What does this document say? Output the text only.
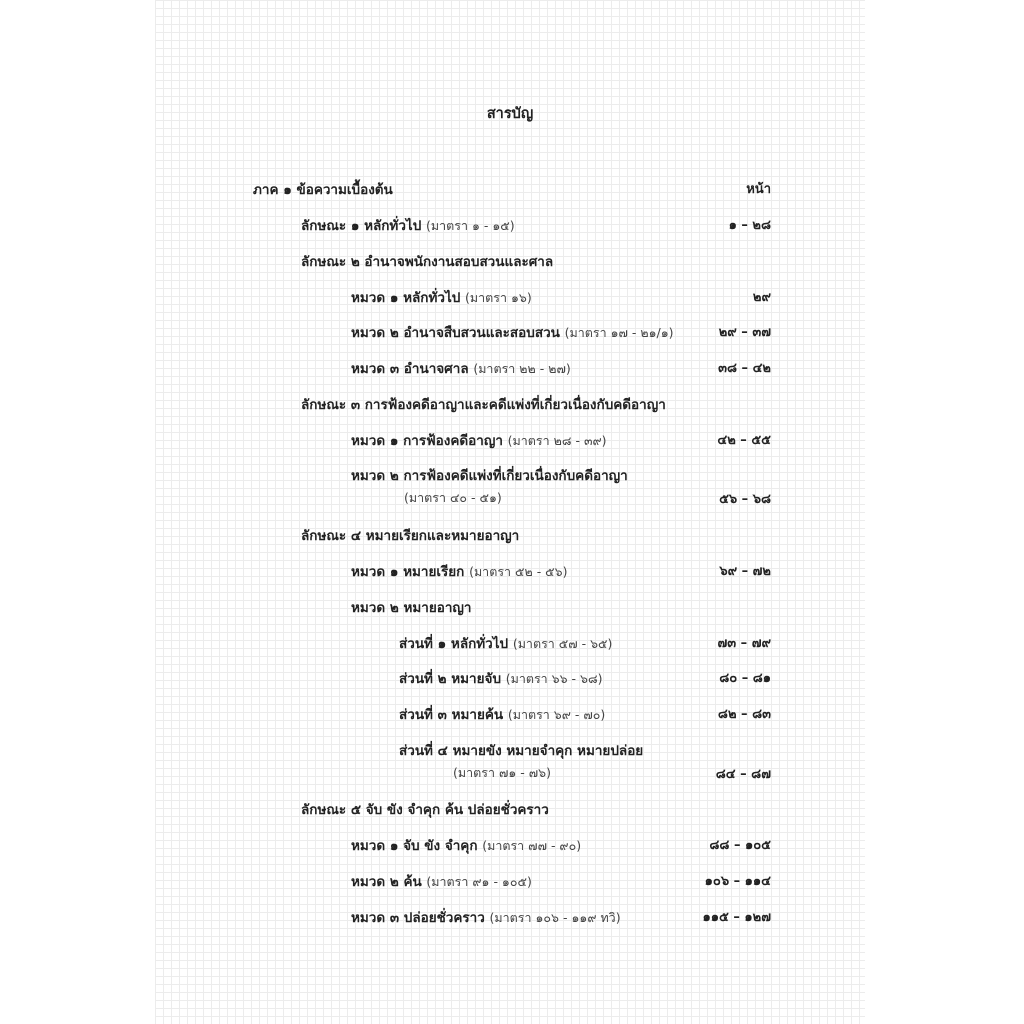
สารบัญ
ภาค ๑ ข้อความเบื้องต้น	หน้า
ลักษณะ ๑ หลักทั่วไป (มาตรา ๑ - ๑๕)	๑ – ๒๘
ลักษณะ ๒ อำนาจพนักงานสอบสวนและศาล
หมวด ๑ หลักทั่วไป (มาตรา ๑๖)	๒๙
หมวด ๒ อำนาจสืบสวนและสอบสวน (มาตรา ๑๗ - ๒๑/๑)	๒๙ – ๓๗
หมวด ๓ อำนาจศาล (มาตรา ๒๒ - ๒๗)	๓๘ – ๔๒
ลักษณะ ๓ การฟ้องคดีอาญาและคดีแพ่งที่เกี่ยวเนื่องกับคดีอาญา
หมวด ๑ การฟ้องคดีอาญา (มาตรา ๒๘ - ๓๙)	๔๒ – ๕๕
หมวด ๒ การฟ้องคดีแพ่งที่เกี่ยวเนื่องกับคดีอาญา
(มาตรา ๔๐ - ๕๑)	๕๖ – ๖๘
ลักษณะ ๔ หมายเรียกและหมายอาญา
หมวด ๑ หมายเรียก (มาตรา ๕๒ - ๕๖)	๖๙ – ๗๒
หมวด ๒ หมายอาญา
ส่วนที่ ๑ หลักทั่วไป (มาตรา ๕๗ - ๖๕)	๗๓ – ๗๙
ส่วนที่ ๒ หมายจับ (มาตรา ๖๖ - ๖๘)	๘๐ – ๘๑
ส่วนที่ ๓ หมายค้น (มาตรา ๖๙ - ๗๐)	๘๒ – ๘๓
ส่วนที่ ๔ หมายขัง หมายจำคุก หมายปล่อย
(มาตรา ๗๑ - ๗๖)	๘๔ – ๘๗
ลักษณะ ๕ จับ ขัง จำคุก ค้น ปล่อยชั่วคราว
หมวด ๑ จับ ขัง จำคุก (มาตรา ๗๗ - ๙๐)	๘๘ – ๑๐๕
หมวด ๒ ค้น (มาตรา ๙๑ - ๑๐๕)	๑๐๖ – ๑๑๔
หมวด ๓ ปล่อยชั่วคราว (มาตรา ๑๐๖ - ๑๑๙ ทวิ)	๑๑๕ – ๑๒๗
